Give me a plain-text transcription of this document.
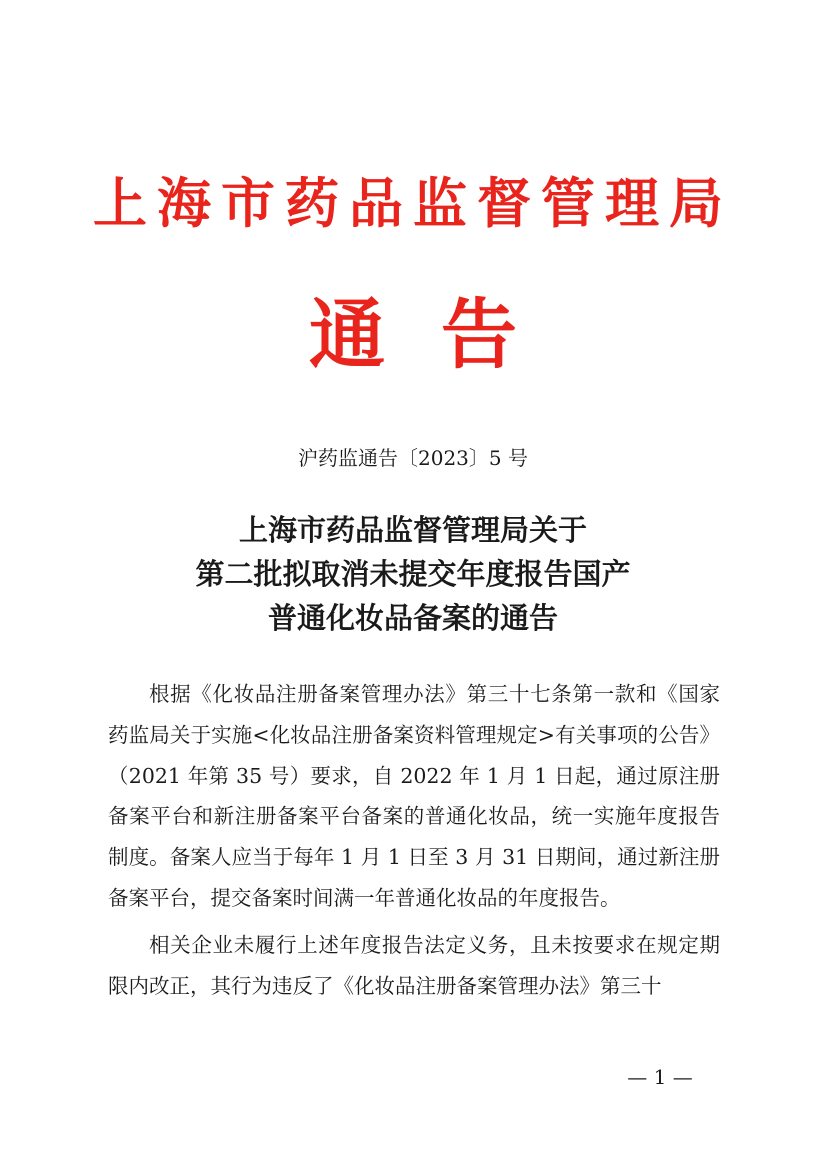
上海市药品监督管理局
通 告
沪药监通告〔2023〕5 号
上海市药品监督管理局关于
第二批拟取消未提交年度报告国产
普通化妆品备案的通告

根据《化妆品注册备案管理办法》第三十七条第一款和《国家药监局关于实施<化妆品注册备案资料管理规定>有关事项的公告》（2021 年第 35 号）要求，自 2022 年 1 月 1 日起，通过原注册备案平台和新注册备案平台备案的普通化妆品，统一实施年度报告制度。备案人应当于每年 1 月 1 日至 3 月 31 日期间，通过新注册备案平台，提交备案时间满一年普通化妆品的年度报告。

相关企业未履行上述年度报告法定义务，且未按要求在规定期限内改正，其行为违反了《化妆品注册备案管理办法》第三十

— 1 —
